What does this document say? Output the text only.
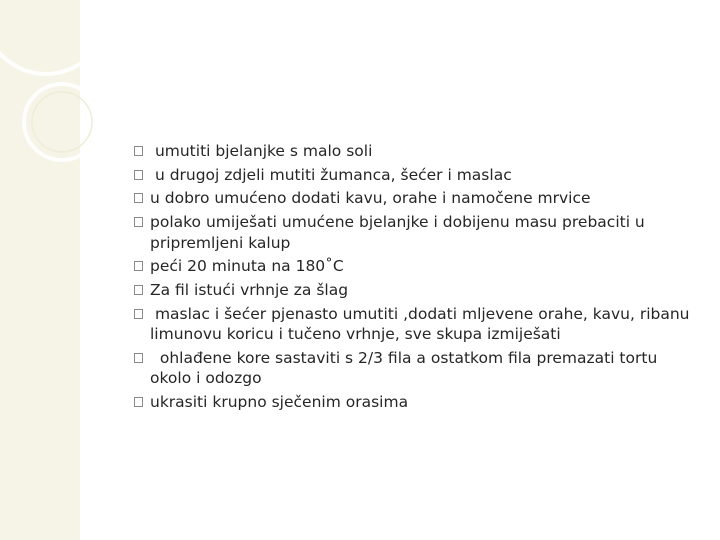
umutiti bjelanjke s malo soli
u drugoj zdjeli mutiti žumanca, šećer i maslac
u dobro umućeno dodati kavu, orahe i namočene mrvice
polako umiješati umućene bjelanjke i dobijenu masu prebaciti u pripremljeni kalup
peći 20 minuta na 180˚C
Za fil istući vrhnje za šlag
maslac i šećer pjenasto umutiti ,dodati mljevene orahe, kavu, ribanu limunovu koricu i tučeno vrhnje, sve skupa izmiješati
ohlađene kore sastaviti s 2/3 fila a ostatkom fila premazati tortu okolo i odozgo
ukrasiti krupno sječenim orasima
